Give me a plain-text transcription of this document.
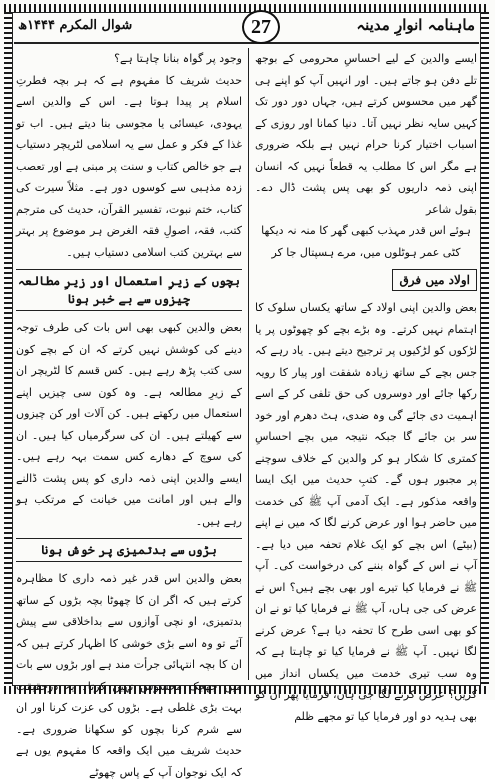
ماہنامہ انوارِ مدینہ
27
شوال المکرم ۱۴۴۴ھ

ایسے والدین کے لیے احساسِ محرومی کے بوجھ تلے دفن ہو جاتے ہیں۔ اور انہیں آپ کو اپنے ہی گھر میں محسوس کرتے ہیں، جہاں دور دور تک کہیں سایہ نظر نہیں آتا۔ دنیا کمانا اور روزی کے اسباب اختیار کرنا حرام نہیں ہے بلکہ ضروری ہے مگر اس کا مطلب یہ قطعاً نہیں کہ انسان اپنی ذمہ داریوں کو بھی پس پشت ڈال دے۔ بقول شاعر

ہوئے اس قدر مہذب کبھی گھر کا منہ نہ دیکھا

کٹی عمر ہوٹلوں میں، مرے ہسپتال جا کر

اولاد میں فرق

بعض والدین اپنی اولاد کے ساتھ یکساں سلوک کا اہتمام نہیں کرتے۔ وہ بڑے بچے کو چھوٹوں پر یا لڑکوں کو لڑکیوں پر ترجیح دیتے ہیں۔ یاد رہے کہ جس بچے کے ساتھ زیادہ شفقت اور پیار کا رویہ رکھا جائے اور دوسروں کی حق تلفی کر کے اسے اہمیت دی جائے گی وہ ضدی، ہٹ دھرم اور خود سر بن جائے گا جبکہ نتیجہ میں بچے احساسِ کمتری کا شکار ہو کر والدین کے خلاف سوچنے پر مجبور ہوں گے۔ کتبِ حدیث میں ایک ایسا واقعہ مذکور ہے۔ ایک آدمی آپ ﷺ کی خدمت میں حاضر ہوا اور عرض کرنے لگا کہ میں نے اپنے (بیٹے) اس بچے کو ایک غلام تحفہ میں دیا ہے۔ آپ نے اس کے گواہ بننے کی درخواست کی۔ آپ ﷺ نے فرمایا کیا تیرے اور بھی بچے ہیں؟ اس نے عرض کی جی ہاں، آپ ﷺ نے فرمایا کیا تو نے ان کو بھی اسی طرح کا تحفہ دیا ہے؟ عرض کرنے لگا نہیں۔ آپ ﷺ نے فرمایا کیا تو چاہتا ہے کہ وہ سب تیری خدمت میں یکساں انداز میں کریں؟ عرض کرنے لگا جی ہاں، فرمایا پھر ان کو بھی ہدیہ دو اور فرمایا کیا تو مجھے ظلم

وجود پر گواہ بنانا چاہتا ہے؟

حدیث شریف کا مفہوم ہے کہ ہر بچہ فطرتِ اسلام پر پیدا ہوتا ہے۔ اس کے والدین اسے یہودی، عیسائی یا مجوسی بنا دیتے ہیں۔ اب تو غذا کے فکر و عمل سے یہ اسلامی لٹریچر دستیاب ہے جو خالص کتاب و سنت پر مبنی ہے اور تعصب زدہ مذہبی سے کوسوں دور ہے۔ مثلاً سیرت کی کتاب، ختم نبوت، تفسیر القرآن، حدیث کی مترجم کتب، فقہ، اصولِ فقہ الغرض ہر موضوع پر بہتر سے بہترین کتب اسلامی دستیاب ہیں۔

بچوں کے زیرِ استعمال اور زیرِ مطالعہ چیزوں سے بے خبر ہونا

بعض والدین کبھی بھی اس بات کی طرف توجہ دینے کی کوشش نہیں کرتے کہ ان کے بچے کون سی کتب پڑھ رہے ہیں۔ کس قسم کا لٹریچر ان کے زیرِ مطالعہ ہے۔ وہ کون سی چیزیں اپنے استعمال میں رکھتے ہیں۔ کن آلات اور کن چیزوں سے کھیلتے ہیں۔ ان کی سرگرمیاں کیا ہیں۔ ان کی سوچ کے دھارے کس سمت بہہ رہے ہیں۔ ایسے والدین اپنی ذمہ داری کو پس پشت ڈالنے والے ہیں اور امانت میں خیانت کے مرتکب ہو رہے ہیں۔

بڑوں سے بدتمیزی پر خوش ہونا

بعض والدین اس قدر غیر ذمہ داری کا مظاہرہ کرتے ہیں کہ اگر ان کا چھوٹا بچہ بڑوں کے ساتھ بدتمیزی، او نچی آوازوں سے بداخلاقی سے پیش آئے تو وہ اسے بڑی خوشی کا اظہار کرتے ہیں کہ ان کا بچہ انتہائی جرأت مند ہے اور بڑوں سے بات میں جھجک محسوس نہیں کرتا۔ یہ درحقیقت بہت بڑی غلطی ہے۔ بڑوں کی عزت کرنا اور ان سے شرم کرنا بچوں کو سکھانا ضروری ہے۔ حدیث شریف میں ایک واقعہ کا مفہوم یوں ہے کہ ایک نوجوان آپ کے پاس چھوٹے
